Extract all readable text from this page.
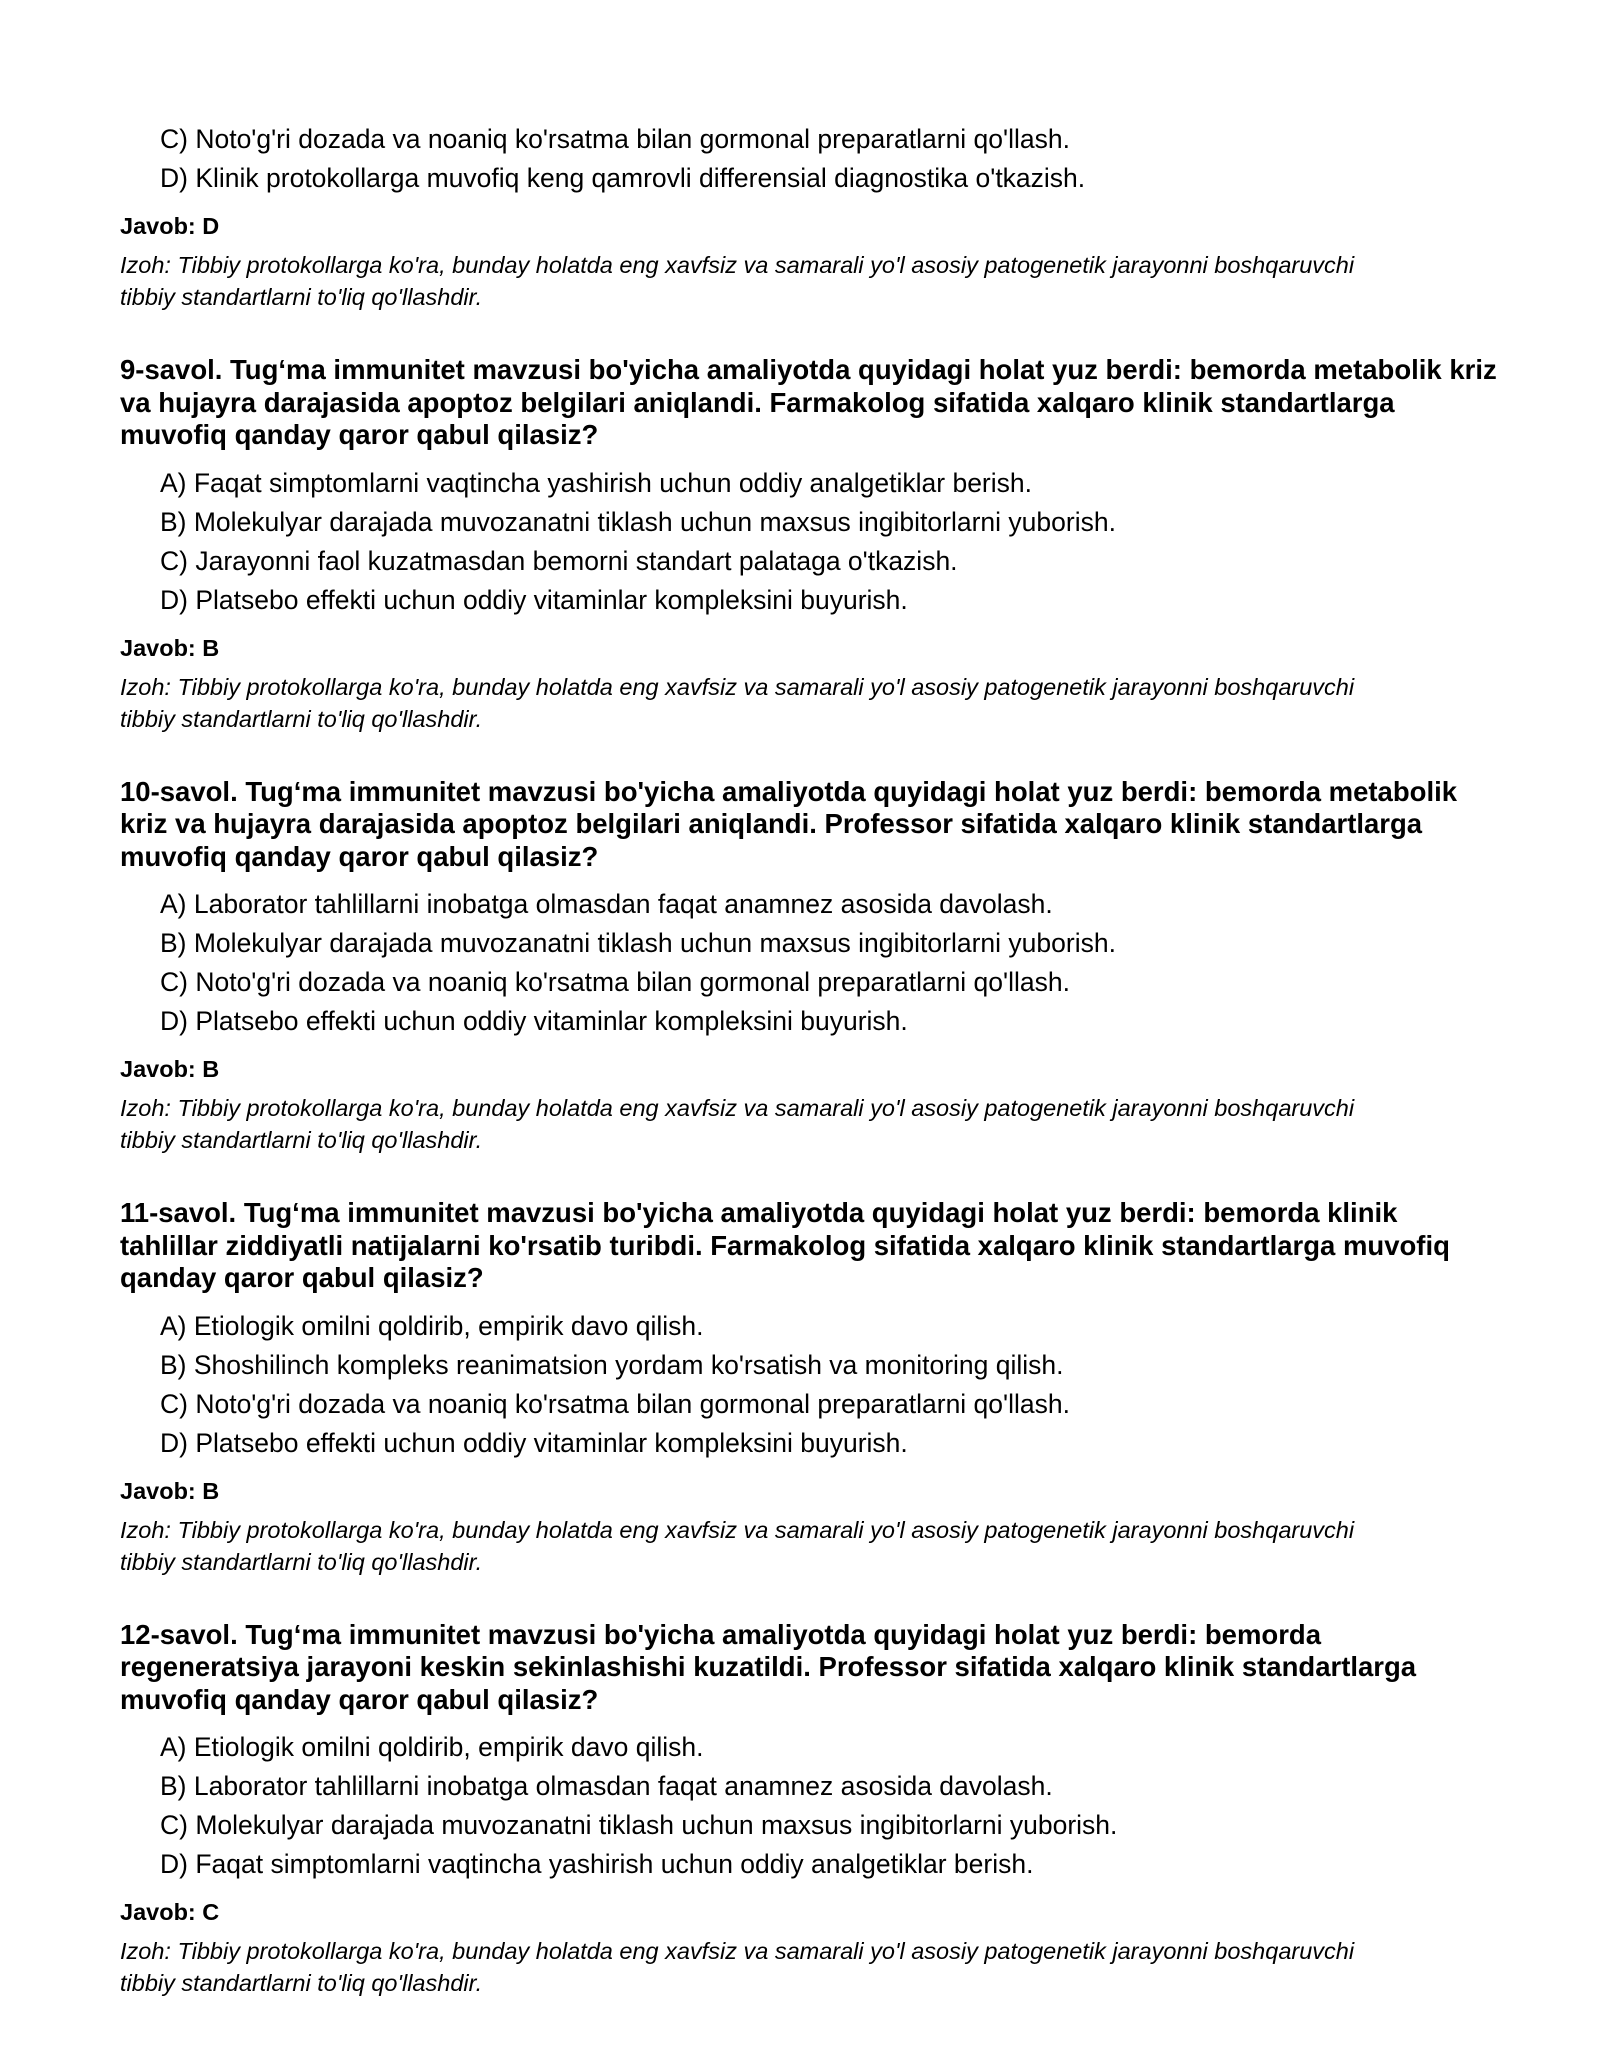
C) Noto'g'ri dozada va noaniq ko'rsatma bilan gormonal preparatlarni qo'llash.
D) Klinik protokollarga muvofiq keng qamrovli differensial diagnostika o'tkazish.
Javob: D
Izoh: Tibbiy protokollarga ko'ra, bunday holatda eng xavfsiz va samarali yo'l asosiy patogenetik jarayonni boshqaruvchi tibbiy standartlarni to'liq qo'llashdir.
9-savol. Tug‘ma immunitet mavzusi bo'yicha amaliyotda quyidagi holat yuz berdi: bemorda metabolik kriz va hujayra darajasida apoptoz belgilari aniqlandi. Farmakolog sifatida xalqaro klinik standartlarga muvofiq qanday qaror qabul qilasiz?
A) Faqat simptomlarni vaqtincha yashirish uchun oddiy analgetiklar berish.
B) Molekulyar darajada muvozanatni tiklash uchun maxsus ingibitorlarni yuborish.
C) Jarayonni faol kuzatmasdan bemorni standart palataga o'tkazish.
D) Platsebo effekti uchun oddiy vitaminlar kompleksini buyurish.
Javob: B
Izoh: Tibbiy protokollarga ko'ra, bunday holatda eng xavfsiz va samarali yo'l asosiy patogenetik jarayonni boshqaruvchi tibbiy standartlarni to'liq qo'llashdir.
10-savol. Tug‘ma immunitet mavzusi bo'yicha amaliyotda quyidagi holat yuz berdi: bemorda metabolik kriz va hujayra darajasida apoptoz belgilari aniqlandi. Professor sifatida xalqaro klinik standartlarga muvofiq qanday qaror qabul qilasiz?
A) Laborator tahlillarni inobatga olmasdan faqat anamnez asosida davolash.
B) Molekulyar darajada muvozanatni tiklash uchun maxsus ingibitorlarni yuborish.
C) Noto'g'ri dozada va noaniq ko'rsatma bilan gormonal preparatlarni qo'llash.
D) Platsebo effekti uchun oddiy vitaminlar kompleksini buyurish.
Javob: B
Izoh: Tibbiy protokollarga ko'ra, bunday holatda eng xavfsiz va samarali yo'l asosiy patogenetik jarayonni boshqaruvchi tibbiy standartlarni to'liq qo'llashdir.
11-savol. Tug‘ma immunitet mavzusi bo'yicha amaliyotda quyidagi holat yuz berdi: bemorda klinik tahlillar ziddiyatli natijalarni ko'rsatib turibdi. Farmakolog sifatida xalqaro klinik standartlarga muvofiq qanday qaror qabul qilasiz?
A) Etiologik omilni qoldirib, empirik davo qilish.
B) Shoshilinch kompleks reanimatsion yordam ko'rsatish va monitoring qilish.
C) Noto'g'ri dozada va noaniq ko'rsatma bilan gormonal preparatlarni qo'llash.
D) Platsebo effekti uchun oddiy vitaminlar kompleksini buyurish.
Javob: B
Izoh: Tibbiy protokollarga ko'ra, bunday holatda eng xavfsiz va samarali yo'l asosiy patogenetik jarayonni boshqaruvchi tibbiy standartlarni to'liq qo'llashdir.
12-savol. Tug‘ma immunitet mavzusi bo'yicha amaliyotda quyidagi holat yuz berdi: bemorda regeneratsiya jarayoni keskin sekinlashishi kuzatildi. Professor sifatida xalqaro klinik standartlarga muvofiq qanday qaror qabul qilasiz?
A) Etiologik omilni qoldirib, empirik davo qilish.
B) Laborator tahlillarni inobatga olmasdan faqat anamnez asosida davolash.
C) Molekulyar darajada muvozanatni tiklash uchun maxsus ingibitorlarni yuborish.
D) Faqat simptomlarni vaqtincha yashirish uchun oddiy analgetiklar berish.
Javob: C
Izoh: Tibbiy protokollarga ko'ra, bunday holatda eng xavfsiz va samarali yo'l asosiy patogenetik jarayonni boshqaruvchi tibbiy standartlarni to'liq qo'llashdir.
